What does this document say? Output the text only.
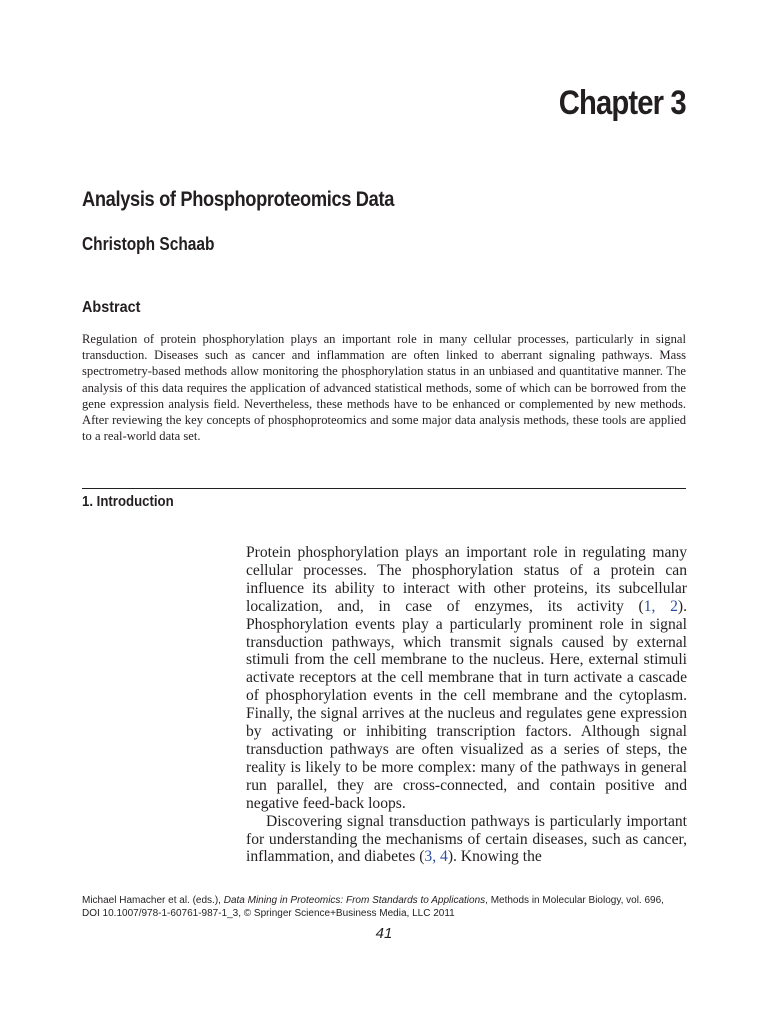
Chapter 3
Analysis of Phosphoproteomics Data
Christoph Schaab
Abstract

Regulation of protein phosphorylation plays an important role in many cellular processes, particularly in signal transduction. Diseases such as cancer and inflammation are often linked to aberrant signaling pathways. Mass spectrometry-based methods allow monitoring the phosphorylation status in an unbiased and quantitative manner. The analysis of this data requires the application of advanced statistical methods, some of which can be borrowed from the gene expression analysis field. Nevertheless, these methods have to be enhanced or complemented by new methods. After reviewing the key concepts of phosphoproteomics and some major data analysis methods, these tools are applied to a real-world data set.

1. Introduction

Protein phosphorylation plays an important role in regulating many cellular processes. The phosphorylation status of a protein can influence its ability to interact with other proteins, its subcellular localization, and, in case of enzymes, its activity (1, 2). Phosphorylation events play a particularly prominent role in signal transduction pathways, which transmit signals caused by external stimuli from the cell membrane to the nucleus. Here, external stimuli activate receptors at the cell membrane that in turn activate a cascade of phosphorylation events in the cell membrane and the cytoplasm. Finally, the signal arrives at the nucleus and regulates gene expression by activating or inhibiting transcription factors. Although signal transduction pathways are often visualized as a series of steps, the reality is likely to be more complex: many of the pathways in general run parallel, they are cross-connected, and contain positive and negative feed-back loops.

Discovering signal transduction pathways is particularly important for understanding the mechanisms of certain diseases, such as cancer, inflammation, and diabetes (3, 4). Knowing the

Michael Hamacher et al. (eds.), Data Mining in Proteomics: From Standards to Applications, Methods in Molecular Biology, vol. 696,
DOI 10.1007/978-1-60761-987-1_3, © Springer Science+Business Media, LLC 2011

41
